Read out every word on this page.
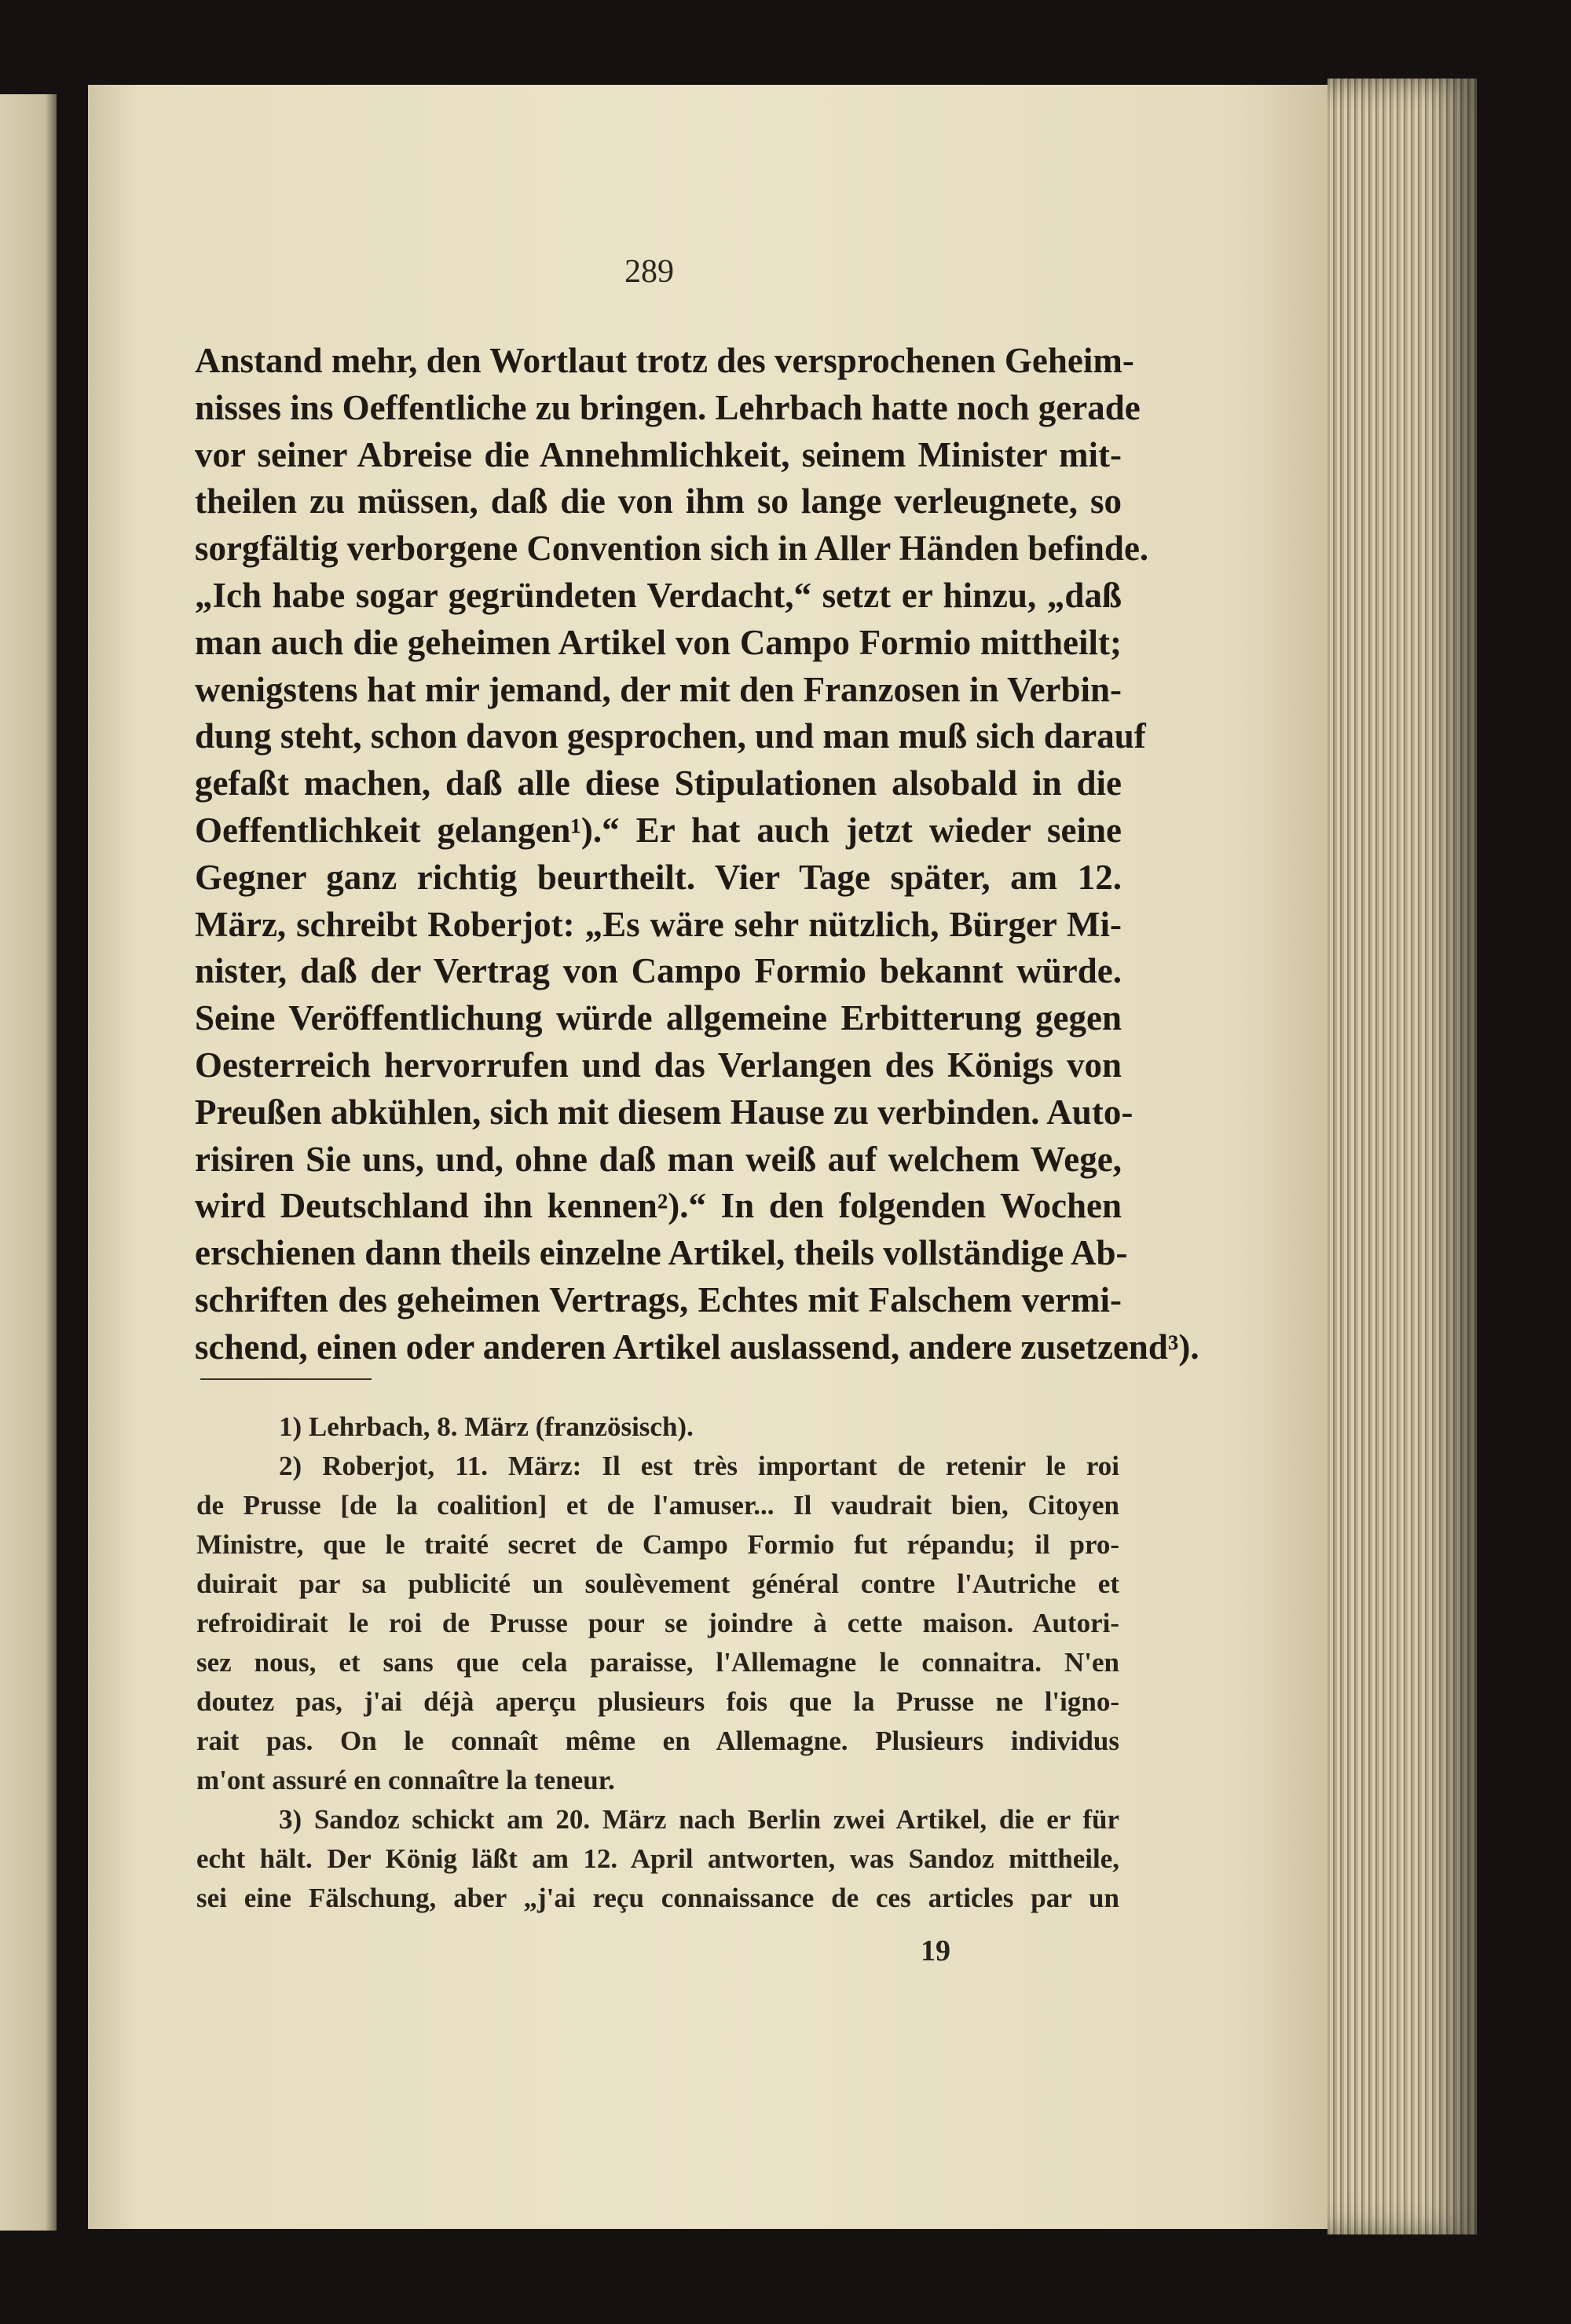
289
Anstand mehr, den Wortlaut trotz des versprochenen Geheim-
nisses ins Oeffentliche zu bringen. Lehrbach hatte noch gerade
vor seiner Abreise die Annehmlichkeit, seinem Minister mit-
theilen zu müssen, daß die von ihm so lange verleugnete, so
sorgfältig verborgene Convention sich in Aller Händen befinde.
„Ich habe sogar gegründeten Verdacht,“ setzt er hinzu, „daß
man auch die geheimen Artikel von Campo Formio mittheilt;
wenigstens hat mir jemand, der mit den Franzosen in Verbin-
dung steht, schon davon gesprochen, und man muß sich darauf
gefaßt machen, daß alle diese Stipulationen alsobald in die
Oeffentlichkeit gelangen¹).“ Er hat auch jetzt wieder seine
Gegner ganz richtig beurtheilt. Vier Tage später, am 12.
März, schreibt Roberjot: „Es wäre sehr nützlich, Bürger Mi-
nister, daß der Vertrag von Campo Formio bekannt würde.
Seine Veröffentlichung würde allgemeine Erbitterung gegen
Oesterreich hervorrufen und das Verlangen des Königs von
Preußen abkühlen, sich mit diesem Hause zu verbinden. Auto-
risiren Sie uns, und, ohne daß man weiß auf welchem Wege,
wird Deutschland ihn kennen²).“ In den folgenden Wochen
erschienen dann theils einzelne Artikel, theils vollständige Ab-
schriften des geheimen Vertrags, Echtes mit Falschem vermi-
schend, einen oder anderen Artikel auslassend, andere zusetzend³).
1) Lehrbach, 8. März (französisch).
2) Roberjot, 11. März: Il est très important de retenir le roi
de Prusse [de la coalition] et de l'amuser... Il vaudrait bien, Citoyen
Ministre, que le traité secret de Campo Formio fut répandu; il pro-
duirait par sa publicité un soulèvement général contre l'Autriche et
refroidirait le roi de Prusse pour se joindre à cette maison. Autori-
sez nous, et sans que cela paraisse, l'Allemagne le connaitra. N'en
doutez pas, j'ai déjà aperçu plusieurs fois que la Prusse ne l'igno-
rait pas. On le connaît même en Allemagne. Plusieurs individus
m'ont assuré en connaître la teneur.
3) Sandoz schickt am 20. März nach Berlin zwei Artikel, die er für
echt hält. Der König läßt am 12. April antworten, was Sandoz mittheile,
sei eine Fälschung, aber „j'ai reçu connaissance de ces articles par un
19
